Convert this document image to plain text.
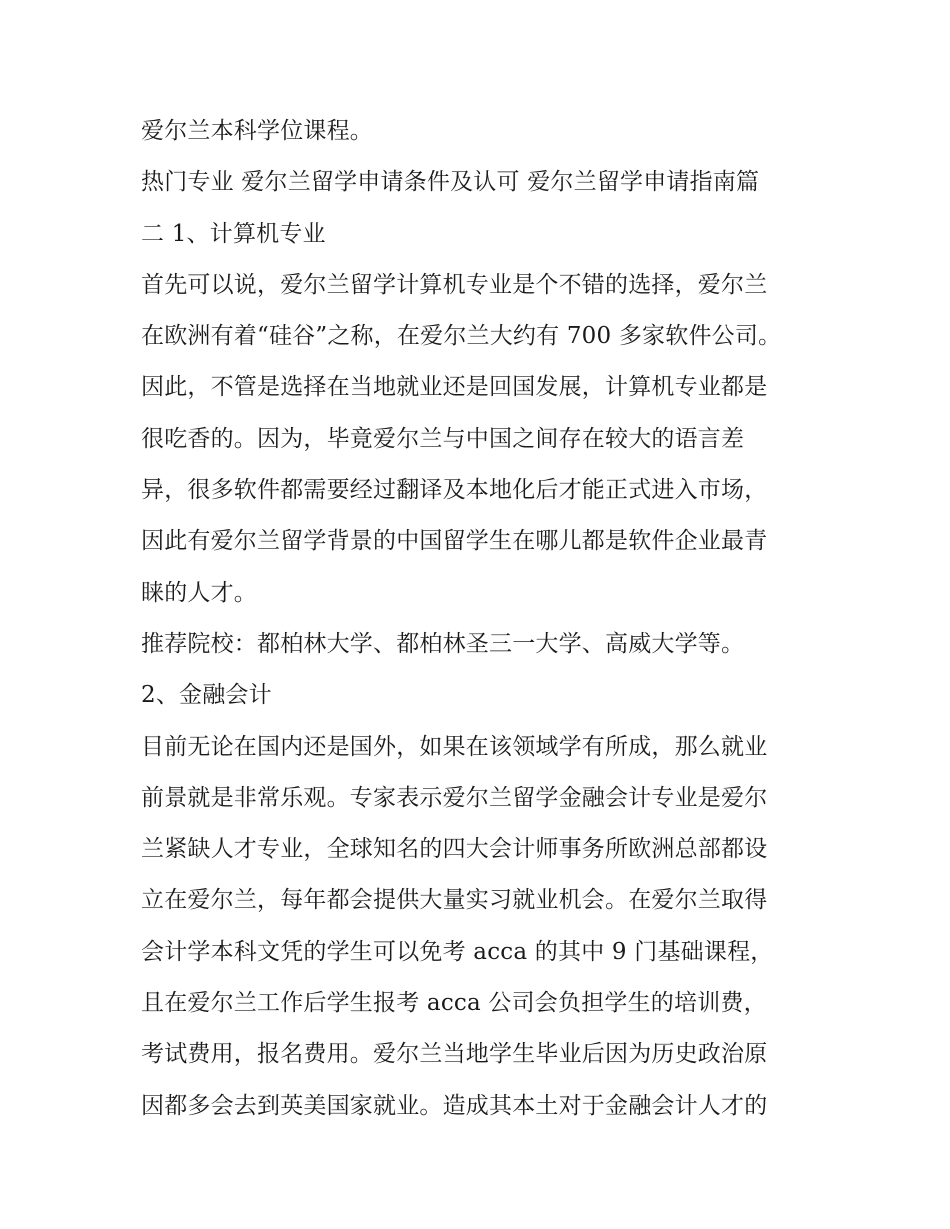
爱尔兰本科学位课程。
热门专业 爱尔兰留学申请条件及认可 爱尔兰留学申请指南篇
二 1、计算机专业
首先可以说，爱尔兰留学计算机专业是个不错的选择，爱尔兰
在欧洲有着“硅谷”之称，在爱尔兰大约有 700 多家软件公司。
因此，不管是选择在当地就业还是回国发展，计算机专业都是
很吃香的。因为，毕竟爱尔兰与中国之间存在较大的语言差
异，很多软件都需要经过翻译及本地化后才能正式进入市场，
因此有爱尔兰留学背景的中国留学生在哪儿都是软件企业最青
睐的人才。
推荐院校：都柏林大学、都柏林圣三一大学、高威大学等。
2、金融会计
目前无论在国内还是国外，如果在该领域学有所成，那么就业
前景就是非常乐观。专家表示爱尔兰留学金融会计专业是爱尔
兰紧缺人才专业，全球知名的四大会计师事务所欧洲总部都设
立在爱尔兰，每年都会提供大量实习就业机会。在爱尔兰取得
会计学本科文凭的学生可以免考 acca 的其中 9 门基础课程，
且在爱尔兰工作后学生报考 acca 公司会负担学生的培训费，
考试费用，报名费用。爱尔兰当地学生毕业后因为历史政治原
因都多会去到英美国家就业。造成其本土对于金融会计人才的
